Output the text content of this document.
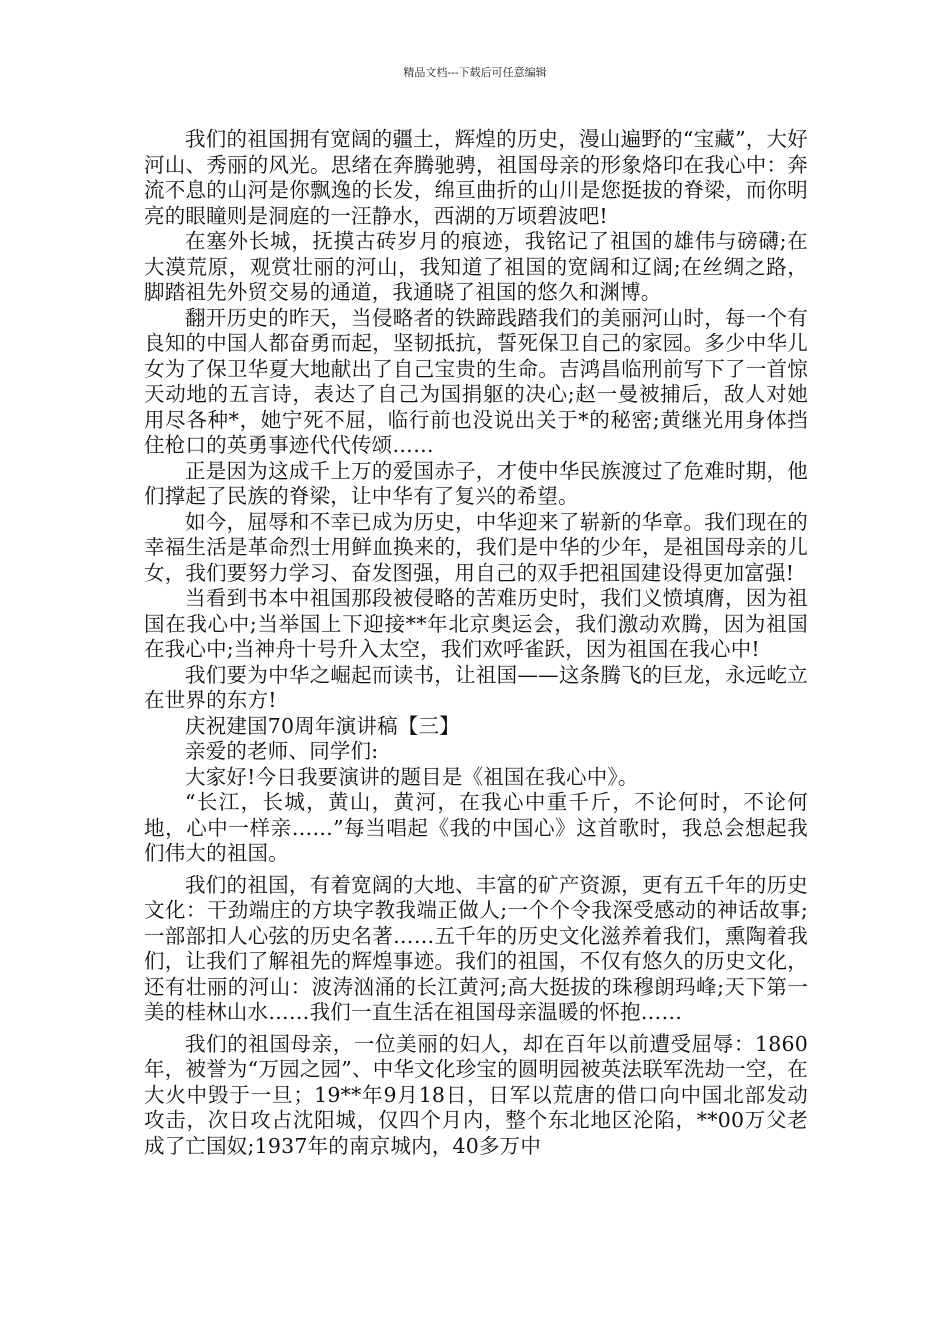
精品文档---下载后可任意编辑

我们的祖国拥有宽阔的疆土，辉煌的历史，漫山遍野的“宝藏”，大好河山、秀丽的风光。思绪在奔腾驰骋，祖国母亲的形象烙印在我心中：奔流不息的山河是你飘逸的长发，绵亘曲折的山川是您挺拔的脊梁，而你明亮的眼瞳则是洞庭的一汪静水，西湖的万顷碧波吧!

在塞外长城，抚摸古砖岁月的痕迹，我铭记了祖国的雄伟与磅礴;在大漠荒原，观赏壮丽的河山，我知道了祖国的宽阔和辽阔;在丝绸之路，脚踏祖先外贸交易的通道，我通晓了祖国的悠久和渊博。

翻开历史的昨天，当侵略者的铁蹄践踏我们的美丽河山时，每一个有良知的中国人都奋勇而起，坚韧抵抗，誓死保卫自己的家园。多少中华儿女为了保卫华夏大地献出了自己宝贵的生命。吉鸿昌临刑前写下了一首惊天动地的五言诗，表达了自己为国捐躯的决心;赵一曼被捕后，敌人对她用尽各种*，她宁死不屈，临行前也没说出关于*的秘密;黄继光用身体挡住枪口的英勇事迹代代传颂……

正是因为这成千上万的爱国赤子，才使中华民族渡过了危难时期，他们撑起了民族的脊梁，让中华有了复兴的希望。

如今，屈辱和不幸已成为历史，中华迎来了崭新的华章。我们现在的幸福生活是革命烈士用鲜血换来的，我们是中华的少年，是祖国母亲的儿女，我们要努力学习、奋发图强，用自己的双手把祖国建设得更加富强!

当看到书本中祖国那段被侵略的苦难历史时，我们义愤填膺，因为祖国在我心中;当举国上下迎接**年北京奥运会，我们激动欢腾，因为祖国在我心中;当神舟十号升入太空，我们欢呼雀跃，因为祖国在我心中!

我们要为中华之崛起而读书，让祖国——这条腾飞的巨龙，永远屹立在世界的东方!

庆祝建国70周年演讲稿【三】

亲爱的老师、同学们:

大家好!今日我要演讲的题目是《祖国在我心中》。

“长江，长城，黄山，黄河，在我心中重千斤，不论何时，不论何地，心中一样亲……”每当唱起《我的中国心》这首歌时，我总会想起我们伟大的祖国。

我们的祖国，有着宽阔的大地、丰富的矿产资源，更有五千年的历史文化：干劲端庄的方块字教我端正做人;一个个令我深受感动的神话故事;一部部扣人心弦的历史名著……五千年的历史文化滋养着我们，熏陶着我们，让我们了解祖先的辉煌事迹。我们的祖国，不仅有悠久的历史文化，还有壮丽的河山：波涛汹涌的长江黄河;高大挺拔的珠穆朗玛峰;天下第一美的桂林山水……我们一直生活在祖国母亲温暖的怀抱……

我们的祖国母亲，一位美丽的妇人，却在百年以前遭受屈辱：1860年，被誉为“万园之园”、中华文化珍宝的圆明园被英法联军洗劫一空，在大火中毁于一旦；19**年9月18日，日军以荒唐的借口向中国北部发动攻击，次日攻占沈阳城，仅四个月内，整个东北地区沦陷，**00万父老成了亡国奴;1937年的南京城内，40多万中
